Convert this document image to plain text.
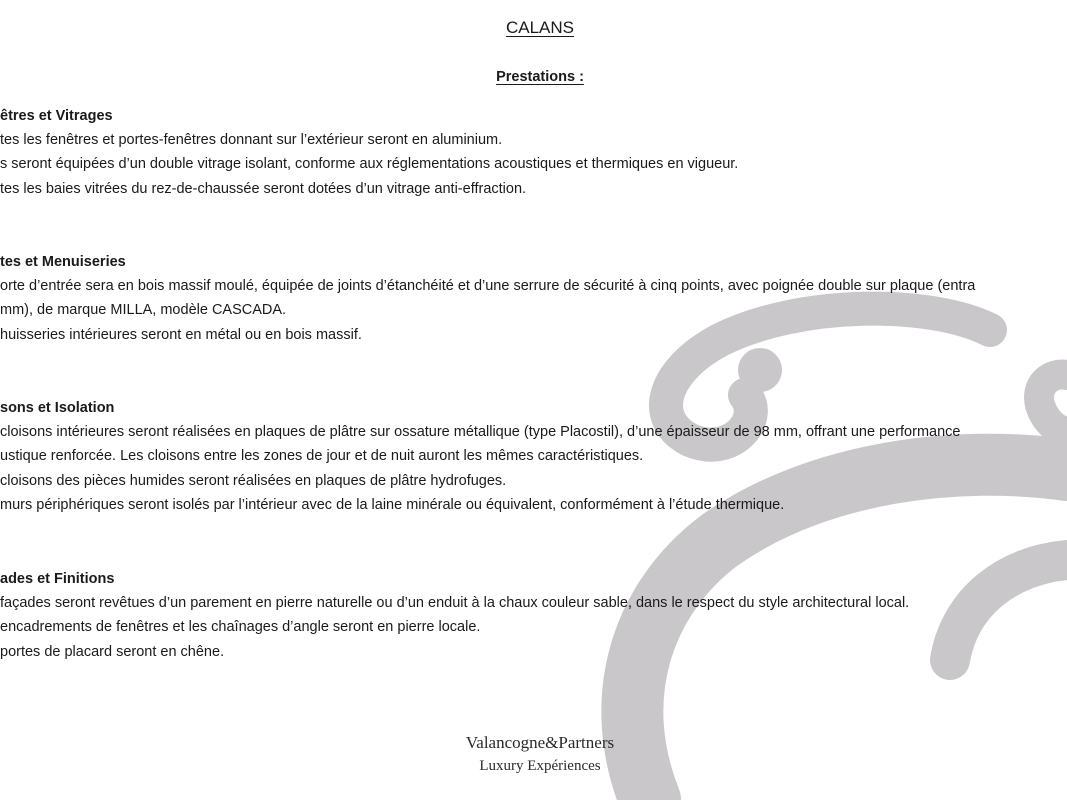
CALANS
Prestations :
êtres et Vitrages
tes les fenêtres et portes-fenêtres donnant sur l’extérieur seront en aluminium.
s seront équipées d’un double vitrage isolant, conforme aux réglementations acoustiques et thermiques en vigueur.
tes les baies vitrées du rez-de-chaussée seront dotées d’un vitrage anti-effraction.
tes et Menuiseries
orte d’entrée sera en bois massif moulé, équipée de joints d’étanchéité et d’une serrure de sécurité à cinq points, avec poignée double sur plaque (entra
mm), de marque MILLA, modèle CASCADA.
huisseries intérieures seront en métal ou en bois massif.
sons et Isolation
cloisons intérieures seront réalisées en plaques de plâtre sur ossature métallique (type Placostil), d’une épaisseur de 98 mm, offrant une performance
ustique renforcée. Les cloisons entre les zones de jour et de nuit auront les mêmes caractéristiques.
cloisons des pièces humides seront réalisées en plaques de plâtre hydrofuges.
murs périphériques seront isolés par l’intérieur avec de la laine minérale ou équivalent, conformément à l’étude thermique.
ades et Finitions
façades seront revêtues d’un parement en pierre naturelle ou d’un enduit à la chaux couleur sable, dans le respect du style architectural local.
encadrements de fenêtres et les chaînages d’angle seront en pierre locale.
portes de placard seront en chêne.
Valancogne&Partners
Luxury Expériences
